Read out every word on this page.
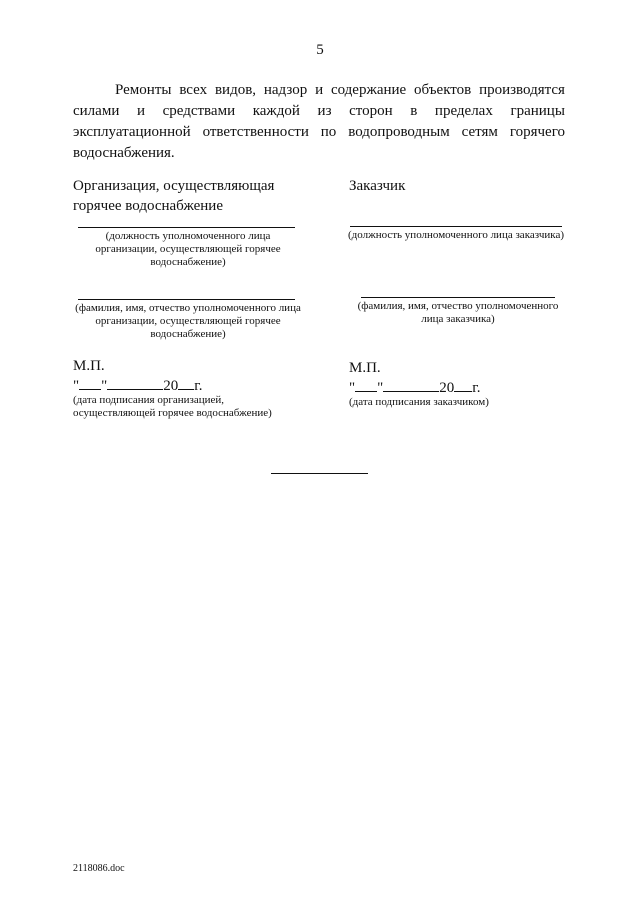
5
Ремонты всех видов, надзор и содержание объектов производятся
силами и средствами каждой из сторон в пределах границы
эксплуатационной ответственности по водопроводным сетям горячего
водоснабжения.
Организация, осуществляющая
горячее водоснабжение
(должность уполномоченного лица
организации, осуществляющей горячее
водоснабжение)
(фамилия, имя, отчество уполномоченного лица
организации, осуществляющей горячее
водоснабжение)
М.П.
" "	20 г.
(дата подписания организацией,
осуществляющей горячее водоснабжение)
Заказчик
(должность уполномоченного лица заказчика)
(фамилия, имя, отчество уполномоченного
лица заказчика)
М.П.
" "	20 г.
(дата подписания заказчиком)
2118086.doc
